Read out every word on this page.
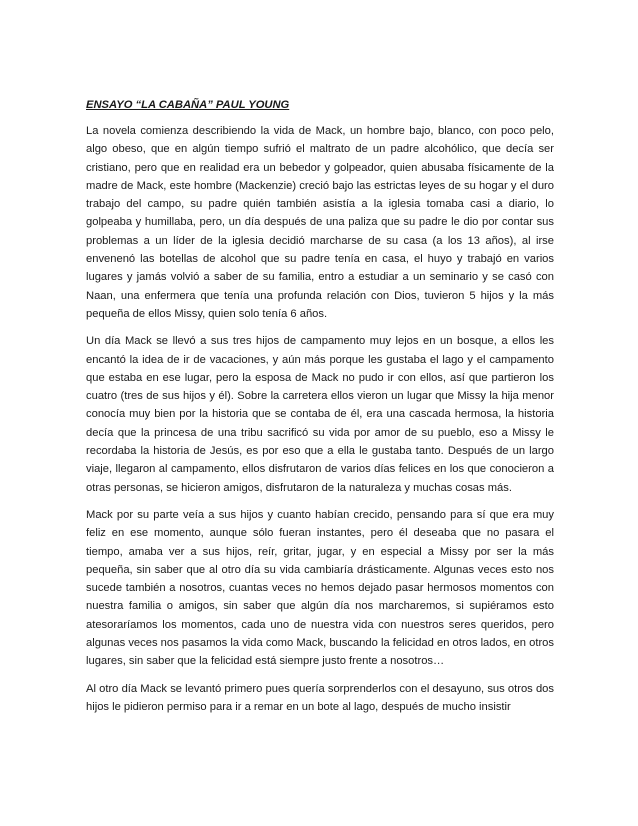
ENSAYO “LA CABAÑA” PAUL YOUNG

La novela comienza describiendo la vida de Mack, un hombre bajo, blanco, con poco pelo, algo obeso, que en algún tiempo sufrió el maltrato de un padre alcohólico, que decía ser cristiano, pero que en realidad era un bebedor y golpeador, quien abusaba físicamente de la madre de Mack, este hombre (Mackenzie) creció bajo las estrictas leyes de su hogar y el duro trabajo del campo, su padre quién también asistía a la iglesia tomaba casi a diario, lo golpeaba y humillaba, pero, un día después de una paliza que su padre le dio por contar sus problemas a un líder de la iglesia decidió marcharse de su casa (a los 13 años), al irse envenenó las botellas de alcohol que su padre tenía en casa, el huyo y trabajó en varios lugares y jamás volvió a saber de su familia, entro a estudiar a un seminario y se casó con Naan, una enfermera que tenía una profunda relación con Dios, tuvieron 5 hijos y la más pequeña de ellos Missy, quien solo tenía 6 años.

Un día Mack se llevó a sus tres hijos de campamento muy lejos en un bosque, a ellos les encantó la idea de ir de vacaciones, y aún más porque les gustaba el lago y el campamento que estaba en ese lugar, pero la esposa de Mack no pudo ir con ellos, así que partieron los cuatro (tres de sus hijos y él). Sobre la carretera ellos vieron un lugar que Missy la hija menor conocía muy bien por la historia que se contaba de él, era una cascada hermosa, la historia decía que la princesa de una tribu sacrificó su vida por amor de su pueblo, eso a Missy le recordaba la historia de Jesús, es por eso que a ella le gustaba tanto. Después de un largo viaje, llegaron al campamento, ellos disfrutaron de varios días felices en los que conocieron a otras personas, se hicieron amigos, disfrutaron de la naturaleza y muchas cosas más.

Mack por su parte veía a sus hijos y cuanto habían crecido, pensando para sí que era muy feliz en ese momento, aunque sólo fueran instantes, pero él deseaba que no pasara el tiempo, amaba ver a sus hijos, reír, gritar, jugar, y en especial a Missy por ser la más pequeña, sin saber que al otro día su vida cambiaría drásticamente. Algunas veces esto nos sucede también a nosotros, cuantas veces no hemos dejado pasar hermosos momentos con nuestra familia o amigos, sin saber que algún día nos marcharemos, si supiéramos esto atesoraríamos los momentos, cada uno de nuestra vida con nuestros seres queridos, pero algunas veces nos pasamos la vida como Mack, buscando la felicidad en otros lados, en otros lugares, sin saber que la felicidad está siempre justo frente a nosotros…

Al otro día Mack se levantó primero pues quería sorprenderlos con el desayuno, sus otros dos hijos le pidieron permiso para ir a remar en un bote al lago, después de mucho insistir
